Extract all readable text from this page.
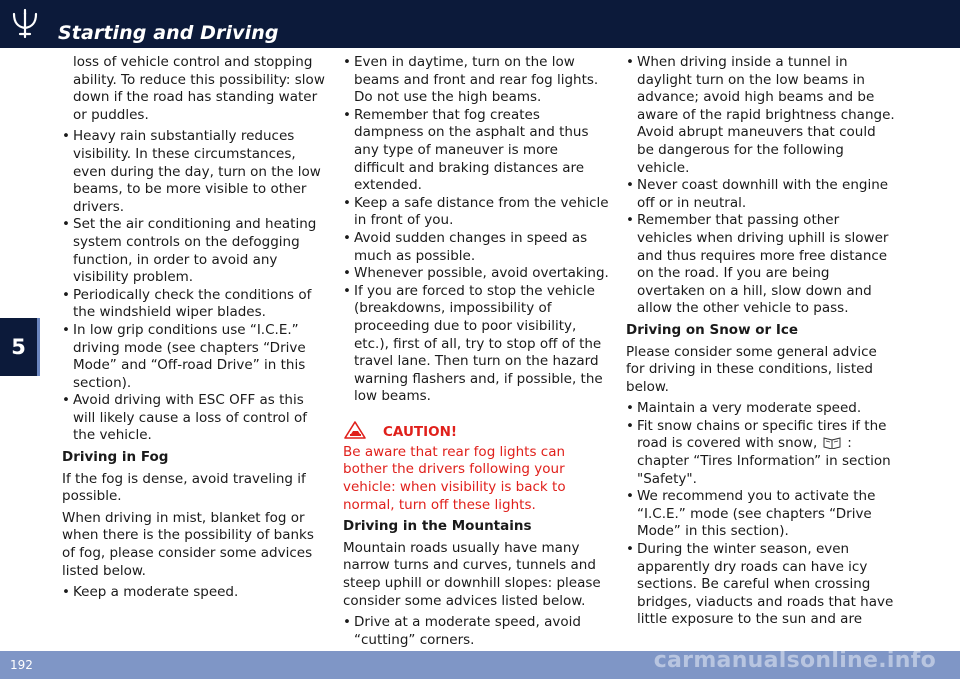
Starting and Driving
5

loss of vehicle control and stopping ability. To reduce this possibility: slow down if the road has standing water or puddles.

• Heavy rain substantially reduces visibility. In these circumstances, even during the day, turn on the low beams, to be more visible to other drivers.
• Set the air conditioning and heating system controls on the defogging function, in order to avoid any visibility problem.
• Periodically check the conditions of the windshield wiper blades.
• In low grip conditions use “I.C.E.” driving mode (see chapters “Drive Mode” and “Off-road Drive” in this section).
• Avoid driving with ESC OFF as this will likely cause a loss of control of the vehicle.

Driving in Fog

If the fog is dense, avoid traveling if possible.

When driving in mist, blanket fog or when there is the possibility of banks of fog, please consider some advices listed below.

• Keep a moderate speed.
• Even in daytime, turn on the low beams and front and rear fog lights. Do not use the high beams.
• Remember that fog creates dampness on the asphalt and thus any type of maneuver is more difficult and braking distances are extended.
• Keep a safe distance from the vehicle in front of you.
• Avoid sudden changes in speed as much as possible.
• Whenever possible, avoid overtaking.
• If you are forced to stop the vehicle (breakdowns, impossibility of proceeding due to poor visibility, etc.), first of all, try to stop off of the travel lane. Then turn on the hazard warning flashers and, if possible, the low beams.
CAUTION!

Be aware that rear fog lights can bother the drivers following your vehicle: when visibility is back to normal, turn off these lights.

Driving in the Mountains

Mountain roads usually have many narrow turns and curves, tunnels and steep uphill or downhill slopes: please consider some advices listed below.

• Drive at a moderate speed, avoid “cutting” corners.
• When driving inside a tunnel in daylight turn on the low beams in advance; avoid high beams and be aware of the rapid brightness change. Avoid abrupt maneuvers that could be dangerous for the following vehicle.
• Never coast downhill with the engine off or in neutral.
• Remember that passing other vehicles when driving uphill is slower and thus requires more free distance on the road. If you are being overtaken on a hill, slow down and allow the other vehicle to pass.

Driving on Snow or Ice

Please consider some general advice for driving in these conditions, listed below.

• Maintain a very moderate speed.
• Fit snow chains or specific tires if the road is covered with snow, : chapter “Tires Information” in section "Safety".
• We recommend you to activate the “I.C.E.” mode (see chapters “Drive Mode” in this section).
• During the winter season, even apparently dry roads can have icy sections. Be careful when crossing bridges, viaducts and roads that have little exposure to the sun and are
192	carmanualsonline.info
